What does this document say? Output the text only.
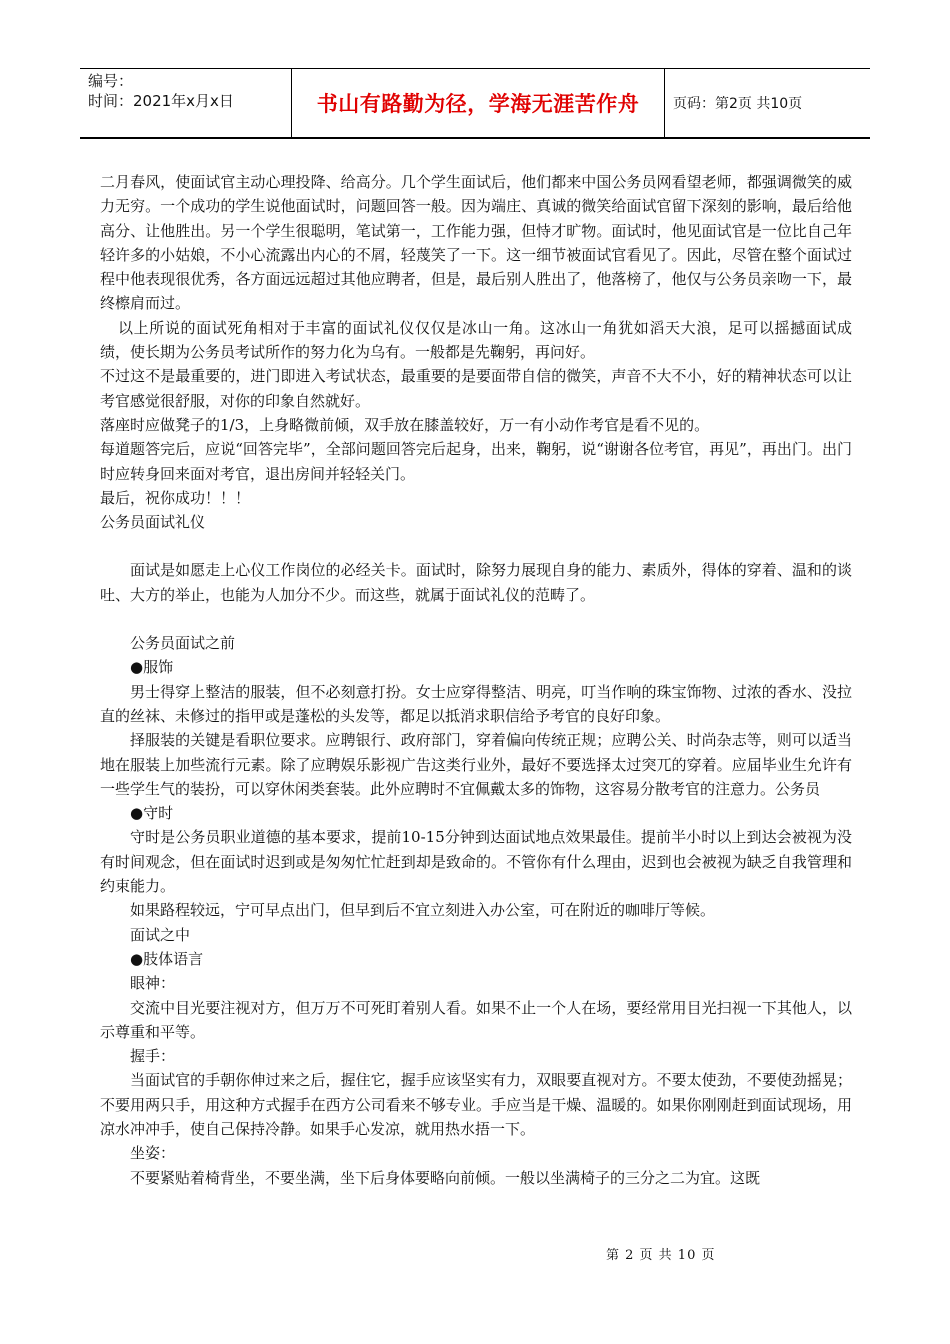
编号：
时间：2021年x月x日	书山有路勤为径，学海无涯苦作舟	页码：第2页 共10页

二月春风，使面试官主动心理投降、给高分。几个学生面试后，他们都来中国公务员网看望老师，都强调微笑的威力无穷。一个成功的学生说他面试时，问题回答一般。因为端庄、真诚的微笑给面试官留下深刻的影响，最后给他高分、让他胜出。另一个学生很聪明，笔试第一，工作能力强，但恃才旷物。面试时，他见面试官是一位比自己年轻许多的小姑娘，不小心流露出内心的不屑，轻蔑笑了一下。这一细节被面试官看见了。因此，尽管在整个面试过程中他表现很优秀，各方面远远超过其他应聘者，但是，最后别人胜出了，他落榜了，他仅与公务员亲吻一下，最终檫肩而过。

以上所说的面试死角相对于丰富的面试礼仪仅仅是冰山一角。这冰山一角犹如滔天大浪，足可以摇撼面试成绩，使长期为公务员考试所作的努力化为乌有。一般都是先鞠躬，再问好。

不过这不是最重要的，进门即进入考试状态，最重要的是要面带自信的微笑，声音不大不小，好的精神状态可以让考官感觉很舒服，对你的印象自然就好。

落座时应做凳子的1/3，上身略微前倾，双手放在膝盖较好，万一有小动作考官是看不见的。

每道题答完后，应说“回答完毕”，全部问题回答完后起身，出来，鞠躬，说“谢谢各位考官，再见”，再出门。出门时应转身回来面对考官，退出房间并轻轻关门。

最后，祝你成功！！！

公务员面试礼仪

面试是如愿走上心仪工作岗位的必经关卡。面试时，除努力展现自身的能力、素质外，得体的穿着、温和的谈吐、大方的举止，也能为人加分不少。而这些，就属于面试礼仪的范畴了。

公务员面试之前

●服饰

男士得穿上整洁的服装，但不必刻意打扮。女士应穿得整洁、明亮，叮当作响的珠宝饰物、过浓的香水、没拉直的丝袜、未修过的指甲或是蓬松的头发等，都足以抵消求职信给予考官的良好印象。

择服装的关键是看职位要求。应聘银行、政府部门，穿着偏向传统正规；应聘公关、时尚杂志等，则可以适当地在服装上加些流行元素。除了应聘娱乐影视广告这类行业外，最好不要选择太过突兀的穿着。应届毕业生允许有一些学生气的装扮，可以穿休闲类套装。此外应聘时不宜佩戴太多的饰物，这容易分散考官的注意力。公务员

●守时

守时是公务员职业道德的基本要求，提前10-15分钟到达面试地点效果最佳。提前半小时以上到达会被视为没有时间观念，但在面试时迟到或是匆匆忙忙赶到却是致命的。不管你有什么理由，迟到也会被视为缺乏自我管理和约束能力。

如果路程较远，宁可早点出门，但早到后不宜立刻进入办公室，可在附近的咖啡厅等候。

面试之中

●肢体语言

眼神：

交流中目光要注视对方，但万万不可死盯着别人看。如果不止一个人在场，要经常用目光扫视一下其他人，以示尊重和平等。

握手：

当面试官的手朝你伸过来之后，握住它，握手应该坚实有力，双眼要直视对方。不要太使劲，不要使劲摇晃；不要用两只手，用这种方式握手在西方公司看来不够专业。手应当是干燥、温暖的。如果你刚刚赶到面试现场，用凉水冲冲手，使自己保持冷静。如果手心发凉，就用热水捂一下。

坐姿：

不要紧贴着椅背坐，不要坐满，坐下后身体要略向前倾。一般以坐满椅子的三分之二为宜。这既

第 2 页 共 10 页
